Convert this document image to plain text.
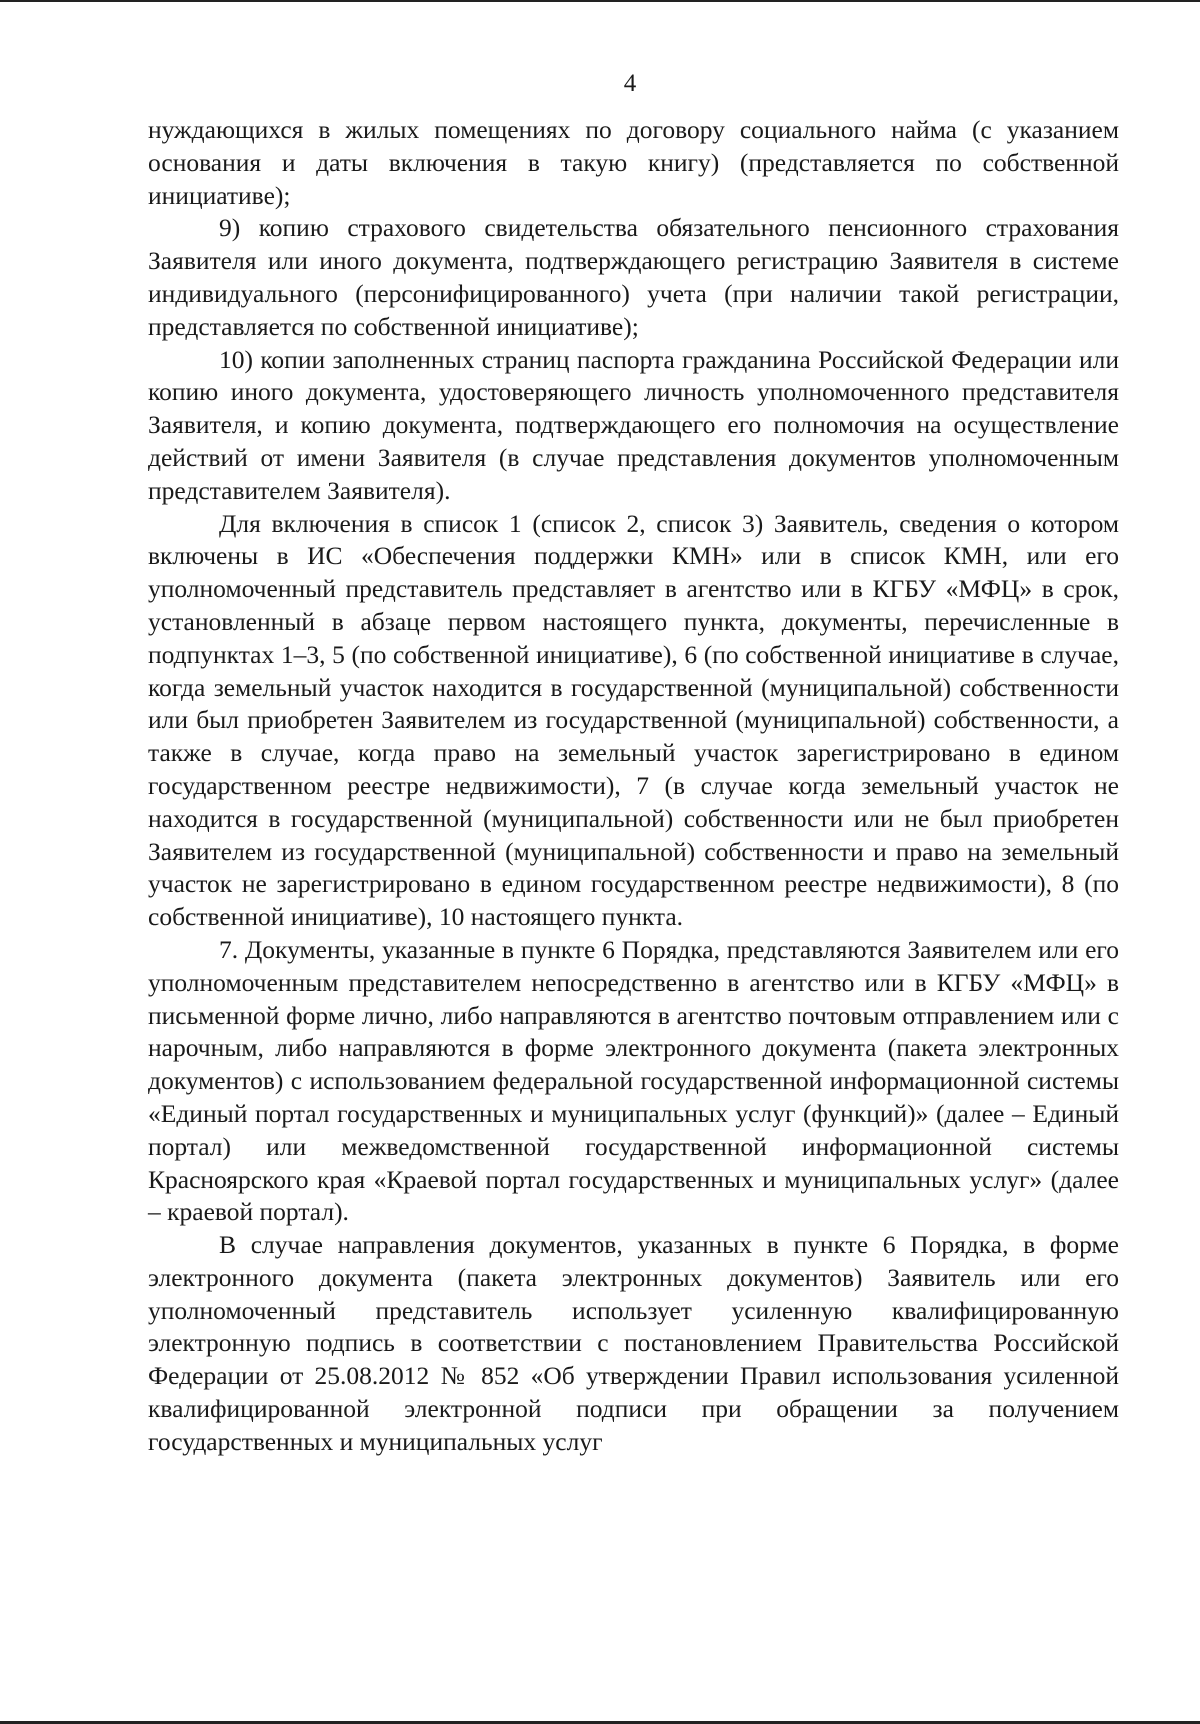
4

нуждающихся в жилых помещениях по договору социального найма (с указанием основания и даты включения в такую книгу) (представляется по собственной инициативе);

9) копию страхового свидетельства обязательного пенсионного страхования Заявителя или иного документа, подтверждающего регистрацию Заявителя в системе индивидуального (персонифицированного) учета (при наличии такой регистрации, представляется по собственной инициативе);

10) копии заполненных страниц паспорта гражданина Российской Федерации или копию иного документа, удостоверяющего личность уполномоченного представителя Заявителя, и копию документа, подтверждающего его полномочия на осуществление действий от имени Заявителя (в случае представления документов уполномоченным представителем Заявителя).

Для включения в список 1 (список 2, список 3) Заявитель, сведения о котором включены в ИС «Обеспечения поддержки КМН» или в список КМН, или его уполномоченный представитель представляет в агентство или в КГБУ «МФЦ» в срок, установленный в абзаце первом настоящего пункта, документы, перечисленные в подпунктах 1–3, 5 (по собственной инициативе), 6 (по собственной инициативе в случае, когда земельный участок находится в государственной (муниципальной) собственности или был приобретен Заявителем из государственной (муниципальной) собственности, а также в случае, когда право на земельный участок зарегистрировано в едином государственном реестре недвижимости), 7 (в случае когда земельный участок не находится в государственной (муниципальной) собственности или не был приобретен Заявителем из государственной (муниципальной) собственности и право на земельный участок не зарегистрировано в едином государственном реестре недвижимости), 8 (по собственной инициативе), 10 настоящего пункта.

7. Документы, указанные в пункте 6 Порядка, представляются Заявителем или его уполномоченным представителем непосредственно в агентство или в КГБУ «МФЦ» в письменной форме лично, либо направляются в агентство почтовым отправлением или с нарочным, либо направляются в форме электронного документа (пакета электронных документов) с использованием федеральной государственной информационной системы «Единый портал государственных и муниципальных услуг (функций)» (далее – Единый портал) или межведомственной государственной информационной системы Красноярского края «Краевой портал государственных и муниципальных услуг» (далее – краевой портал).

В случае направления документов, указанных в пункте 6 Порядка, в форме электронного документа (пакета электронных документов) Заявитель или его уполномоченный представитель использует усиленную квалифицированную электронную подпись в соответствии с постановлением Правительства Российской Федерации от 25.08.2012 № 852 «Об утверждении Правил использования усиленной квалифицированной электронной подписи при обращении за получением государственных и муниципальных услуг
